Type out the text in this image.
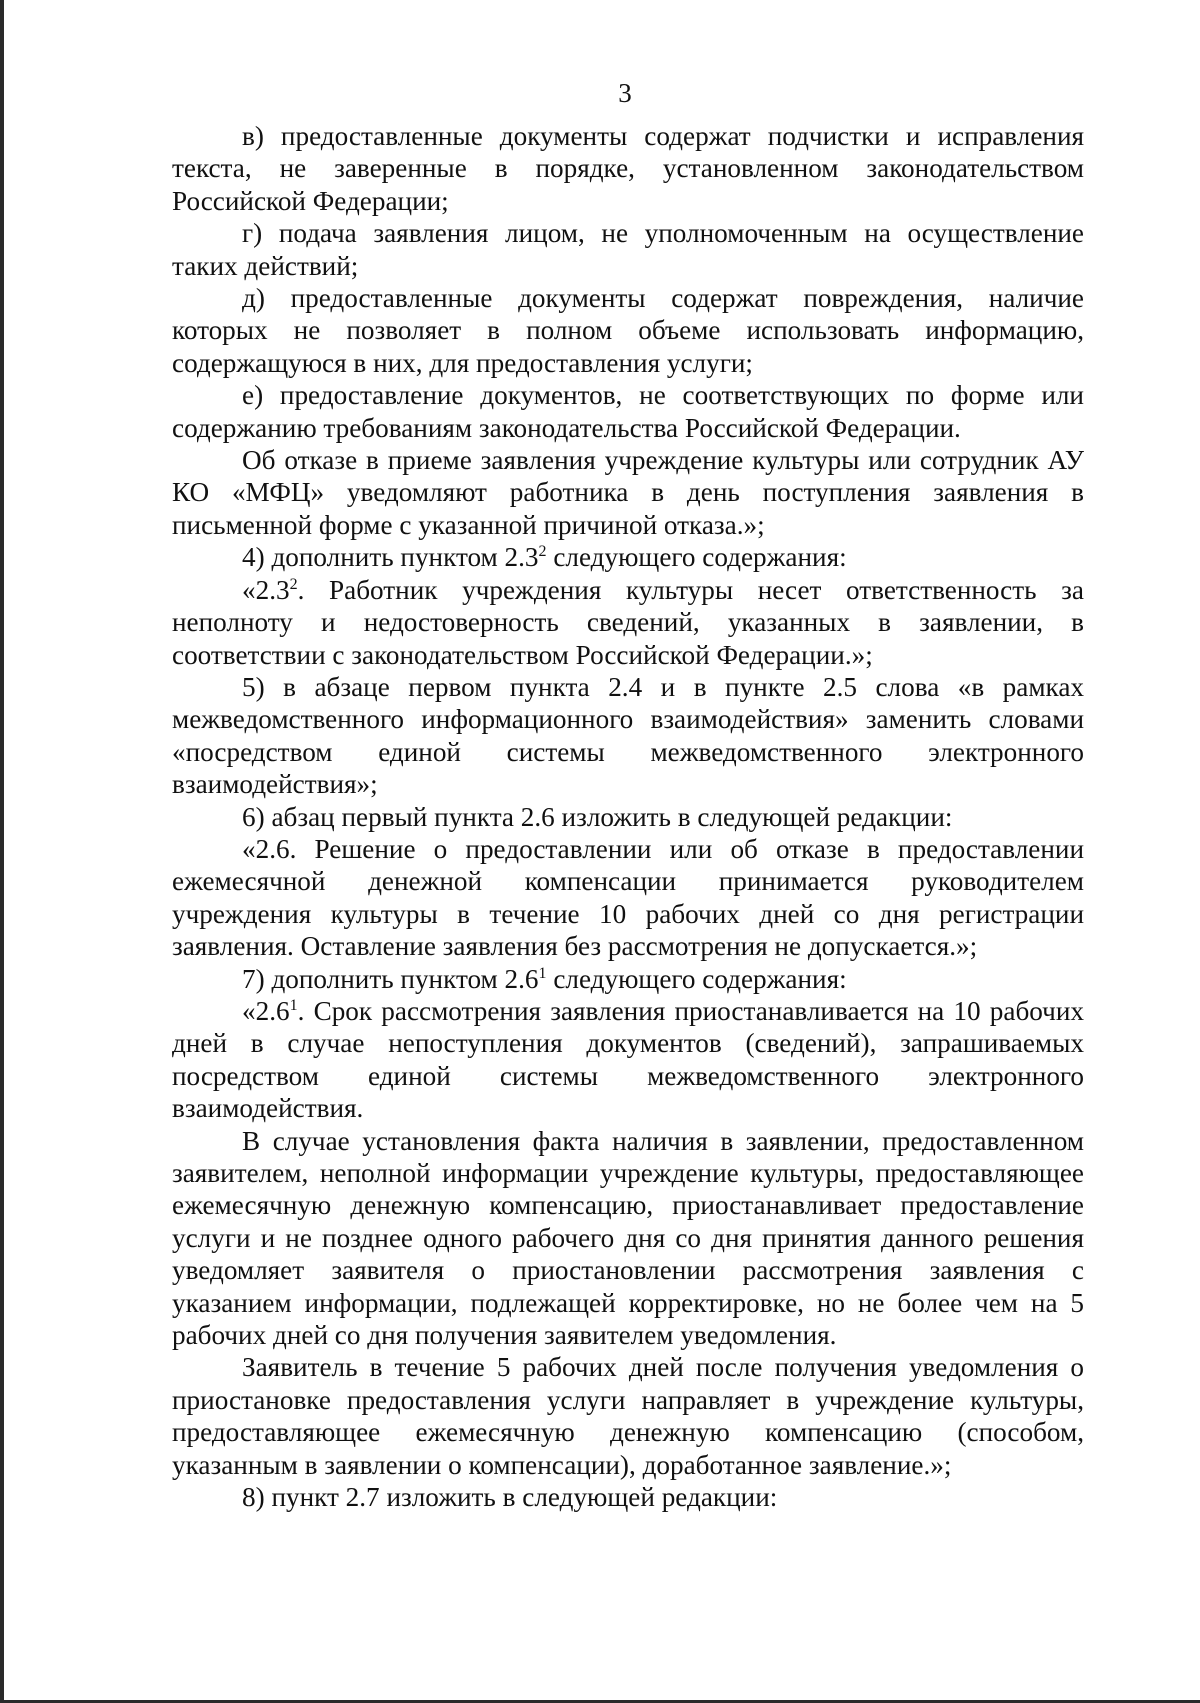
3

в) предоставленные документы содержат подчистки и исправления текста, не заверенные в порядке, установленном законодательством Российской Федерации;

г) подача заявления лицом, не уполномоченным на осуществление таких действий;

д) предоставленные документы содержат повреждения, наличие которых не позволяет в полном объеме использовать информацию, содержащуюся в них, для предоставления услуги;

е) предоставление документов, не соответствующих по форме или содержанию требованиям законодательства Российской Федерации.

Об отказе в приеме заявления учреждение культуры или сотрудник АУ КО «МФЦ» уведомляют работника в день поступления заявления в письменной форме с указанной причиной отказа.»;

4) дополнить пунктом $2.3^2$ следующего содержания:

«$2.3^2$. Работник учреждения культуры несет ответственность за неполноту и недостоверность сведений, указанных в заявлении, в соответствии с законодательством Российской Федерации.»;

5) в абзаце первом пункта 2.4 и в пункте 2.5 слова «в рамках межведомственного информационного взаимодействия» заменить словами «посредством единой системы межведомственного электронного взаимодействия»;

6) абзац первый пункта 2.6 изложить в следующей редакции:

«2.6. Решение о предоставлении или об отказе в предоставлении ежемесячной денежной компенсации принимается руководителем учреждения культуры в течение 10 рабочих дней со дня регистрации заявления. Оставление заявления без рассмотрения не допускается.»;

7) дополнить пунктом $2.6^1$ следующего содержания:

«$2.6^1$. Срок рассмотрения заявления приостанавливается на 10 рабочих дней в случае непоступления документов (сведений), запрашиваемых посредством единой системы межведомственного электронного взаимодействия.

В случае установления факта наличия в заявлении, предоставленном заявителем, неполной информации учреждение культуры, предоставляющее ежемесячную денежную компенсацию, приостанавливает предоставление услуги и не позднее одного рабочего дня со дня принятия данного решения уведомляет заявителя о приостановлении рассмотрения заявления с указанием информации, подлежащей корректировке, но не более чем на 5 рабочих дней со дня получения заявителем уведомления.

Заявитель в течение 5 рабочих дней после получения уведомления о приостановке предоставления услуги направляет в учреждение культуры, предоставляющее ежемесячную денежную компенсацию (способом, указанным в заявлении о компенсации), доработанное заявление.»;

8) пункт 2.7 изложить в следующей редакции:
